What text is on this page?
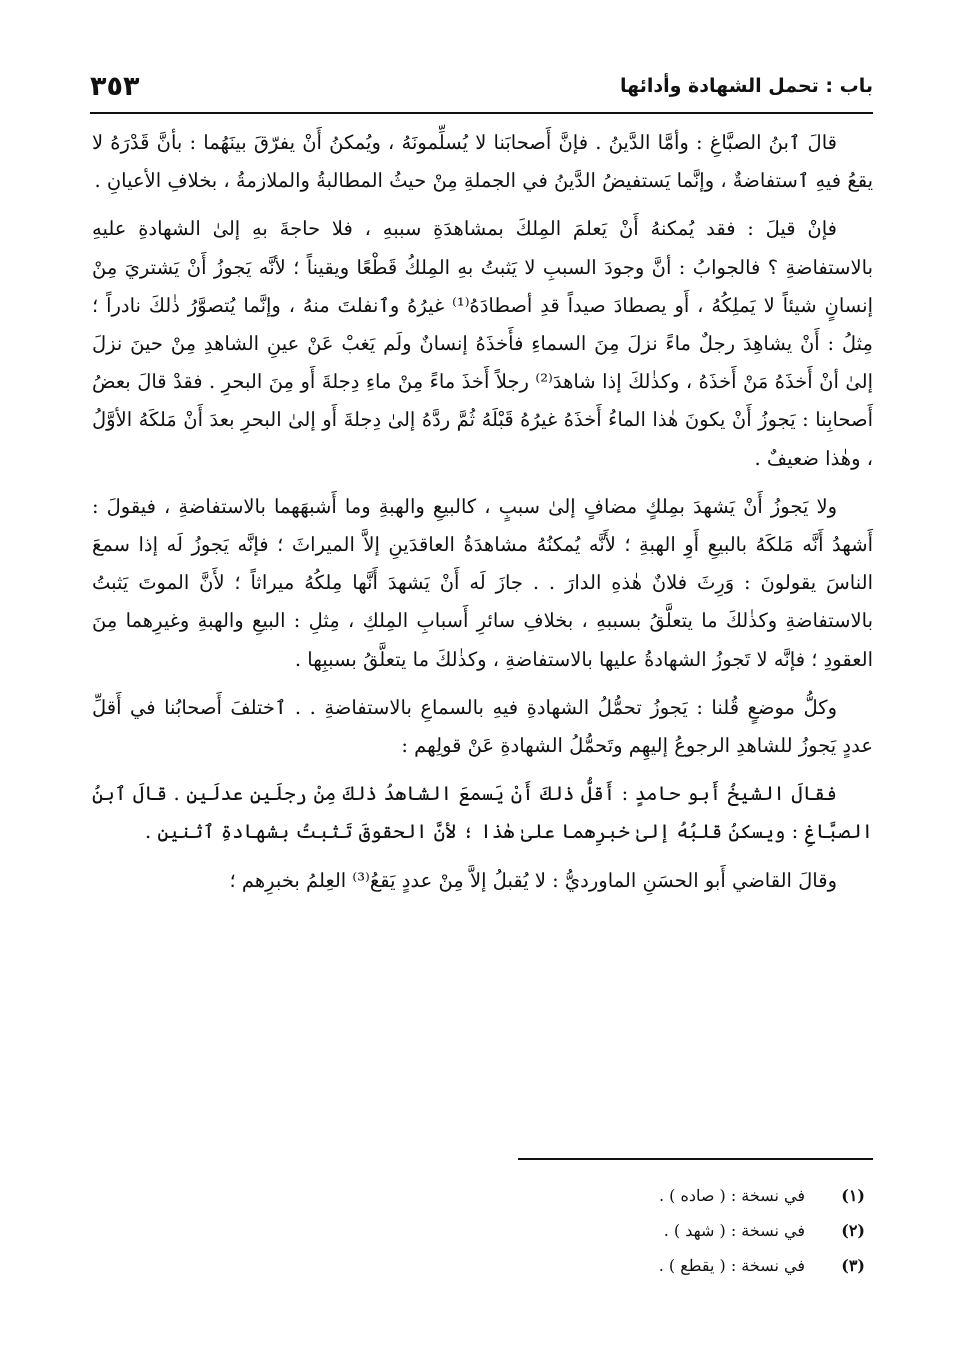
باب : تحمل الشهادة وأدائها
٣٥٣

قالَ ٱبنُ الصبَّاغِ : وأمَّا الدَّينُ . فإنَّ أَصحابَنا لا يُسلِّمونَهُ ، ويُمكنُ أَنْ يفرّقَ بينَهُما : بأنَّ قَدْرَهُ لا يقعُ فيهِ ٱستفاضةٌ ، وإنَّما يَستفيضُ الدَّينُ في الجملةِ مِنْ حيثُ المطالبةُ والملازمةُ ، بخلافِ الأعيانِ .

فإنْ قيلَ : فقد يُمكنهُ أَنْ يَعلمَ المِلكَ بمشاهدَةِ سببهِ ، فلا حاجةَ بهِ إلىٰ الشهادةِ عليهِ بالاستفاضةِ ؟ فالجوابُ : أنَّ وجودَ السببِ لا يَثبتُ بهِ المِلكُ قَطْعًا ويقيناً ؛ لأنَّه يَجوزُ أَنْ يَشتريَ مِنْ إنسانٍ شيئاً لا يَملِكُهُ ، أَو يصطادَ صيداً قدِ أصطادَهُ⁽¹⁾ غيرُهُ وٱنفلتَ منهُ ، وإنَّما يُتصوَّرُ ذٰلكَ نادراً ؛ مِثلُ : أَنْ يشاهِدَ رجلٌ ماءً نزلَ مِنَ السماءِ فأَخذَهُ إنسانٌ ولَم يَغبْ عَنْ عينِ الشاهدِ مِنْ حينَ نزلَ إلىٰ أنْ أَخذَهُ مَنْ أَخذَهُ ، وكذٰلكَ إذا شاهدَ⁽²⁾ رجلاً أَخذَ ماءً مِنْ ماءِ دِجلةَ أَو مِنَ البحرِ . فقدْ قالَ بعضُ أَصحابِنا : يَجوزُ أَنْ يكونَ هٰذا الماءُ أَخذَهُ غيرُهُ قَبْلَهُ ثُمَّ ردَّهُ إلىٰ دِجلةَ أَو إلىٰ البحرِ بعدَ أَنْ مَلكَهُ الأوَّلُ ، وهٰذا ضعيفٌ .

ولا يَجوزُ أَنْ يَشهدَ بمِلكٍ مضافٍ إلىٰ سببٍ ، كالبيعِ والهبةِ وما أَشبهَهما بالاستفاضةِ ، فيقولَ : أَشهدُ أَنَّه مَلكَهُ بالبيعِ أَوِ الهبةِ ؛ لأَنَّه يُمكنُهُ مشاهدَةُ العاقدَينِ إلاَّ الميراثَ ؛ فإنَّه يَجوزُ لَه إذا سمعَ الناسَ يقولونَ : وَرِثَ فلانٌ هٰذهِ الدارَ . . جازَ لَه أَنْ يَشهدَ أَنَّها مِلكُهُ ميراثاً ؛ لأَنَّ الموتَ يَثبتُ بالاستفاضةِ وكذٰلكَ ما يتعلَّقُ بسببهِ ، بخلافِ سائرِ أَسبابِ المِلكِ ، مِثلِ : البيعِ والهبةِ وغيرِهما مِنَ العقودِ ؛ فإنَّه لا تَجوزُ الشهادةُ عليها بالاستفاضةِ ، وكذٰلكَ ما يتعلَّقُ بسببِها .

وكلُّ موضعٍ قُلنا : يَجوزُ تحمُّلُ الشهادةِ فيهِ بالسماعِ بالاستفاضةِ . . ٱختلفَ أَصحابُنا في أَقلِّ عددٍ يَجوزُ للشاهدِ الرجوعُ إليهِم وتَحمُّلُ الشهادةِ عَنْ قولِهم :

فقالَ الشيخُ أَبو حامدٍ : أَقلُّ ذٰلكَ أَنْ يَسمعَ الشاهدُ ذٰلكَ مِنْ رجلَينِ عدلَينِ . قالَ ٱبنُ الصبَّاغِ : ويسكنُ قلبُهُ إلىٰ خبرِهما علىٰ هٰذا ؛ لأنَّ الحقوقَ تَثبتُ بشهادةِ ٱثنينِ .

وقالَ القاضي أَبو الحسَنِ الماورديُّ : لا يُقبلُ إلاَّ مِنْ عددٍ يَقعُ⁽³⁾ العِلمُ بخبرِهم ؛

(١)
في نسخة : ( صاده ) .
(٢)
في نسخة : ( شهد ) .
(٣)
في نسخة : ( يقطع ) .
